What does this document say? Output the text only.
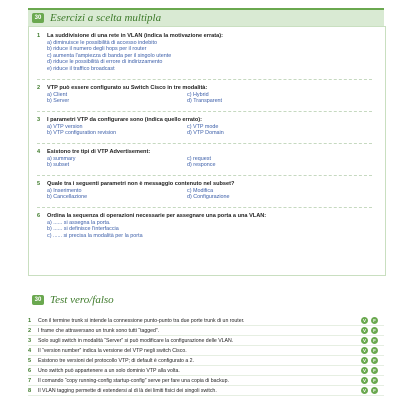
30 Esercizi a scelta multipla
1	La suddivisione di una rete in VLAN (indica la motivazione errata):
a) diminuisce le possibilità di accesso indebito
b) riduce il numero degli hops per il router
c) aumenta l'ampiezza di banda per il singolo utente
d) riduce le possibilità di errore di indirizzamento
e) riduce il traffico broadcast
2	VTP può essere configurato su Switch Cisco in tre modalità:
a) Client	c) Hybrid
b) Server	d) Transparent
3	I parametri VTP da configurare sono (indica quello errato):
a) VTP version	c) VTP mode
b) VTP configuration revision	d) VTP Domain
4	Esistono tre tipi di VTP Advertisement:
a) summary	c) request
b) subset	d) responce
5	Quale tra i seguenti parametri non è messaggio contenuto nel subset?
a) Inserimento	c) Modifica
b) Cancellazione	d) Configurazione
6	Ordina la sequenza di operazioni necessarie per assegnare una porta a una VLAN:
a) ...... si assegna la porta.
b) ...... si definisce l'interfaccia
c) ...... si precisa la modalità per la porta
30 Test vero/falso
1	Con il termine trunk si intende la connessione punto-punto tra due porte trunk di un router.	V	F
2	I frame che attraversano un trunk sono tutti “tagged”.	V	F
3	Solo sugli switch in modalità “Server” si può modificare la configurazione delle VLAN.	V	F
4	Il “version number” indica la versione del VTP negli switch Cisco.	V	F
5	Esistono tre versioni del protocollo VTP; di default è configurato a 2.	V	F
6	Uno switch può appartenere a un solo dominio VTP alla volta.	V	F
7	Il comando “copy running-config startup-config” serve per fare una copia di backup.	V	F
8	Il VLAN tagging permette di estendersi al di là dei limiti fisici dei singoli switch.	V	F
